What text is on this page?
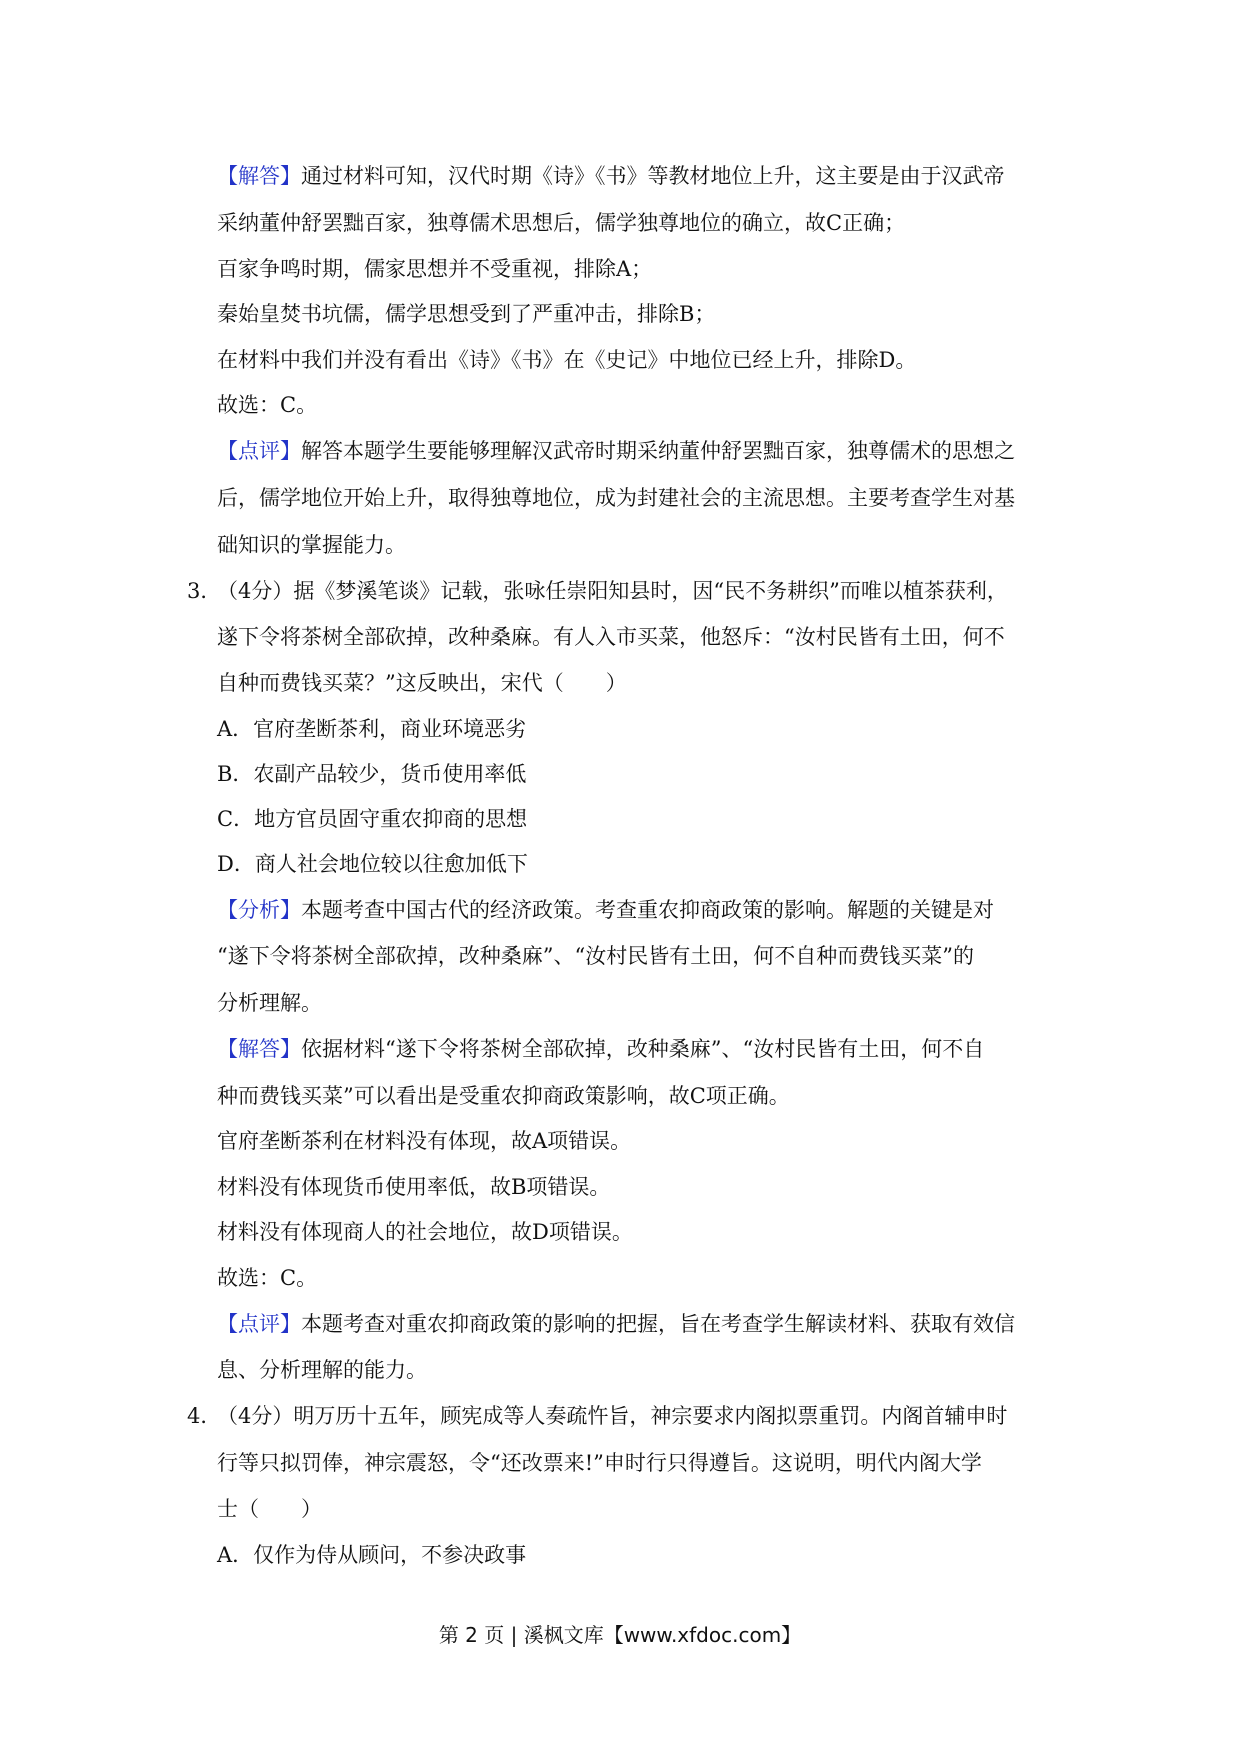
【解答】通过材料可知，汉代时期《诗》《书》等教材地位上升，这主要是由于汉武帝
采纳董仲舒罢黜百家，独尊儒术思想后，儒学独尊地位的确立，故C正确；
百家争鸣时期，儒家思想并不受重视，排除A；
秦始皇焚书坑儒，儒学思想受到了严重冲击，排除B；
在材料中我们并没有看出《诗》《书》在《史记》中地位已经上升，排除D。
故选：C。
【点评】解答本题学生要能够理解汉武帝时期采纳董仲舒罢黜百家，独尊儒术的思想之
后，儒学地位开始上升，取得独尊地位，成为封建社会的主流思想。主要考查学生对基
础知识的掌握能力。
3．
（4分）据《梦溪笔谈》记载，张咏任崇阳知县时，因“民不务耕织”而唯以植茶获利，
遂下令将茶树全部砍掉，改种桑麻。有人入市买菜，他怒斥：“汝村民皆有土田，何不
自种而费钱买菜？”这反映出，宋代（　　）
A．官府垄断茶利，商业环境恶劣
B．农副产品较少，货币使用率低
C．地方官员固守重农抑商的思想
D．商人社会地位较以往愈加低下
【分析】本题考查中国古代的经济政策。考查重农抑商政策的影响。解题的关键是对
“遂下令将茶树全部砍掉，改种桑麻”、“汝村民皆有土田，何不自种而费钱买菜”的
分析理解。
【解答】依据材料“遂下令将茶树全部砍掉，改种桑麻”、“汝村民皆有土田，何不自
种而费钱买菜”可以看出是受重农抑商政策影响，故C项正确。
官府垄断茶利在材料没有体现，故A项错误。
材料没有体现货币使用率低，故B项错误。
材料没有体现商人的社会地位，故D项错误。
故选：C。
【点评】本题考查对重农抑商政策的影响的把握，旨在考查学生解读材料、获取有效信
息、分析理解的能力。
4．
（4分）明万历十五年，顾宪成等人奏疏忤旨，神宗要求内阁拟票重罚。内阁首辅申时
行等只拟罚俸，神宗震怒，令“还改票来!”申时行只得遵旨。这说明，明代内阁大学
士（　　）
A．仅作为侍从顾问，不参决政事
第 2 页 | 溪枫文库【www.xfdoc.com】
